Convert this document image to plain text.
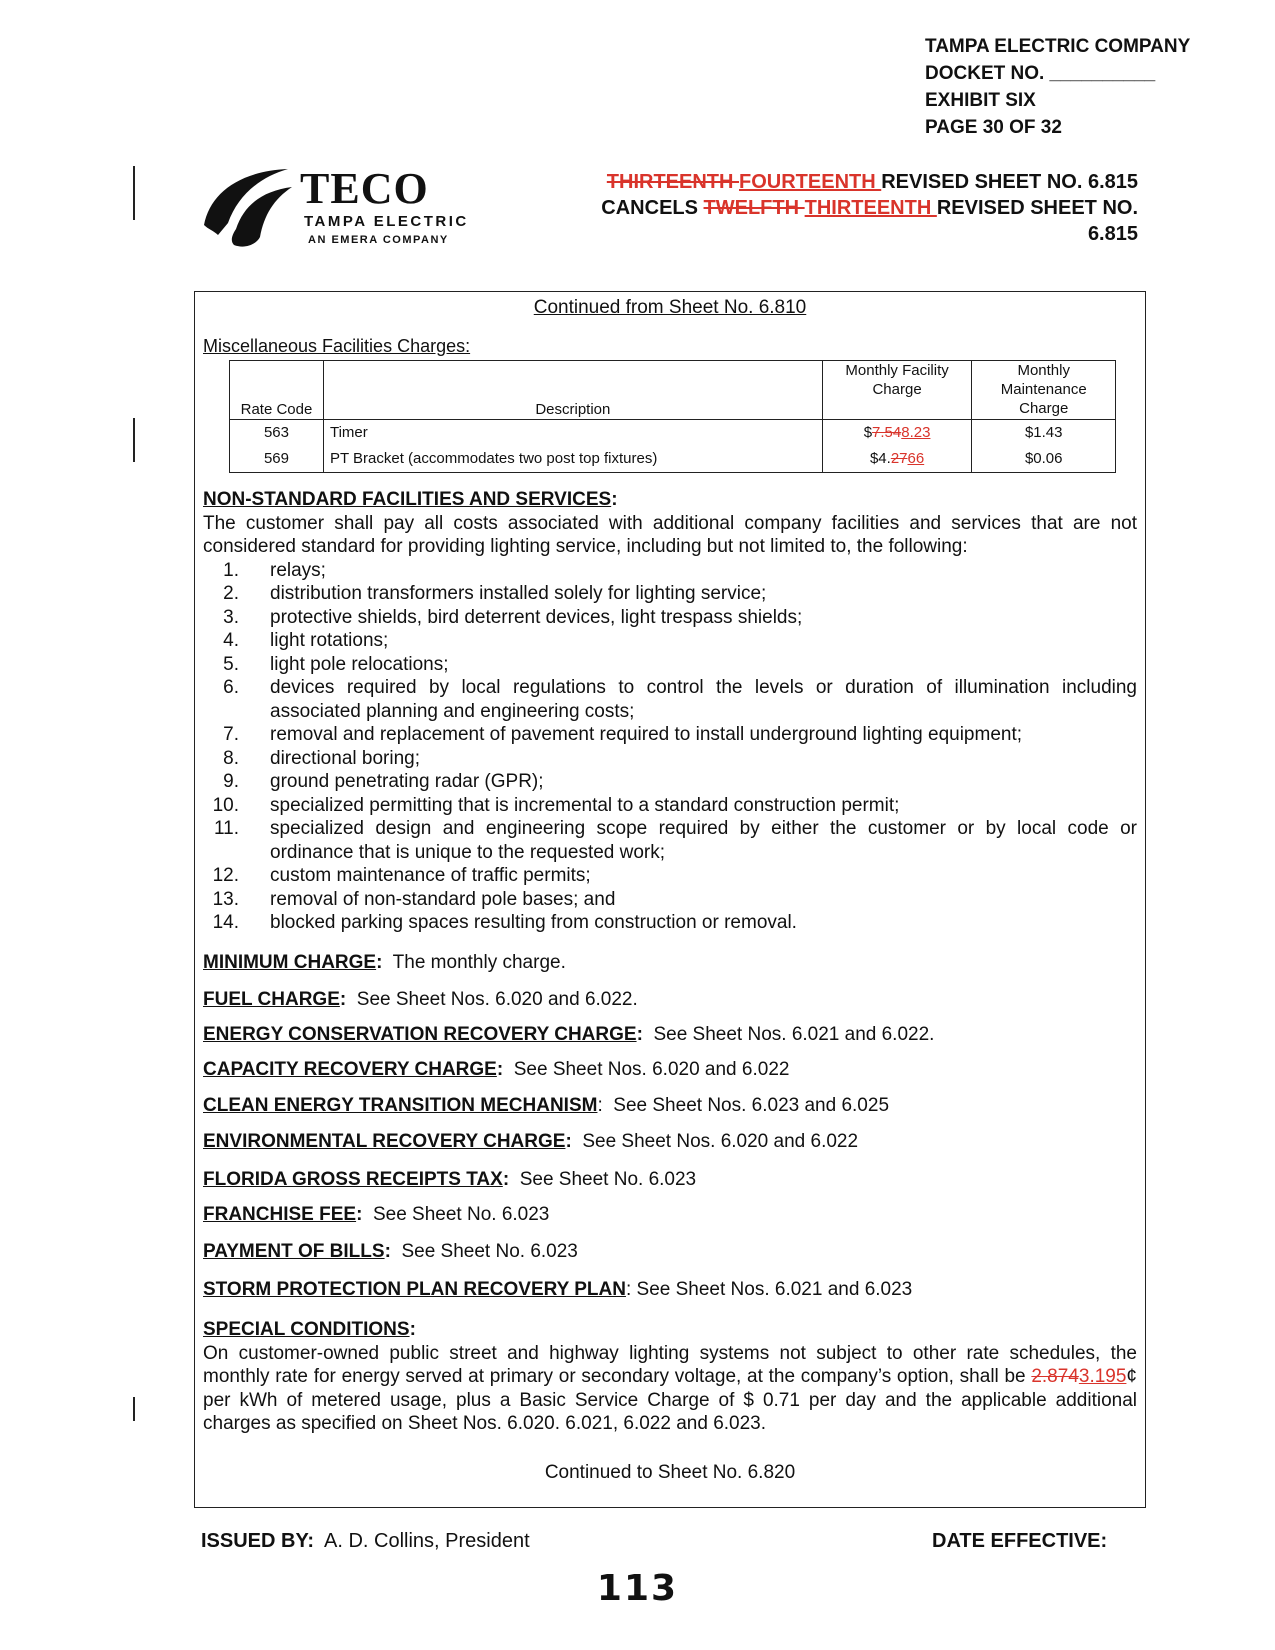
TAMPA ELECTRIC COMPANY
DOCKET NO. __________
EXHIBIT SIX
PAGE 30 OF 32
TECO
TAMPA ELECTRIC
AN EMERA COMPANY
THIRTEENTH FOURTEENTH REVISED SHEET NO. 6.815
CANCELS TWELFTH THIRTEENTH REVISED SHEET NO.
6.815
Continued from Sheet No. 6.810
Miscellaneous Facilities Charges:
Rate Code	Description	Monthly Facility Charge	Monthly Maintenance Charge
563	Timer	$7.548.23	$1.43
569	PT Bracket (accommodates two post top fixtures)	$4.2766	$0.06
NON-STANDARD FACILITIES AND SERVICES:
The customer shall pay all costs associated with additional company facilities and services that are not considered standard for providing lighting service, including but not limited to, the following:
1. relays;
2. distribution transformers installed solely for lighting service;
3. protective shields, bird deterrent devices, light trespass shields;
4. light rotations;
5. light pole relocations;
6. devices required by local regulations to control the levels or duration of illumination including associated planning and engineering costs;
7. removal and replacement of pavement required to install underground lighting equipment;
8. directional boring;
9. ground penetrating radar (GPR);
10. specialized permitting that is incremental to a standard construction permit;
11. specialized design and engineering scope required by either the customer or by local code or ordinance that is unique to the requested work;
12. custom maintenance of traffic permits;
13. removal of non-standard pole bases; and
14. blocked parking spaces resulting from construction or removal.
MINIMUM CHARGE: The monthly charge.
FUEL CHARGE: See Sheet Nos. 6.020 and 6.022.
ENERGY CONSERVATION RECOVERY CHARGE: See Sheet Nos. 6.021 and 6.022.
CAPACITY RECOVERY CHARGE: See Sheet Nos. 6.020 and 6.022
CLEAN ENERGY TRANSITION MECHANISM:  See Sheet Nos. 6.023 and 6.025
ENVIRONMENTAL RECOVERY CHARGE: See Sheet Nos. 6.020 and 6.022
FLORIDA GROSS RECEIPTS TAX: See Sheet No. 6.023
FRANCHISE FEE: See Sheet No. 6.023
PAYMENT OF BILLS: See Sheet No. 6.023
STORM PROTECTION PLAN RECOVERY PLAN: See Sheet Nos. 6.021 and 6.023
SPECIAL CONDITIONS:
On customer-owned public street and highway lighting systems not subject to other rate schedules, the monthly rate for energy served at primary or secondary voltage, at the company’s option, shall be 2.8743.195¢ per kWh of metered usage, plus a Basic Service Charge of $ 0.71 per day and the applicable additional charges as specified on Sheet Nos. 6.020. 6.021, 6.022 and 6.023.
Continued to Sheet No. 6.820
ISSUED BY: A. D. Collins, President	DATE EFFECTIVE:
113
